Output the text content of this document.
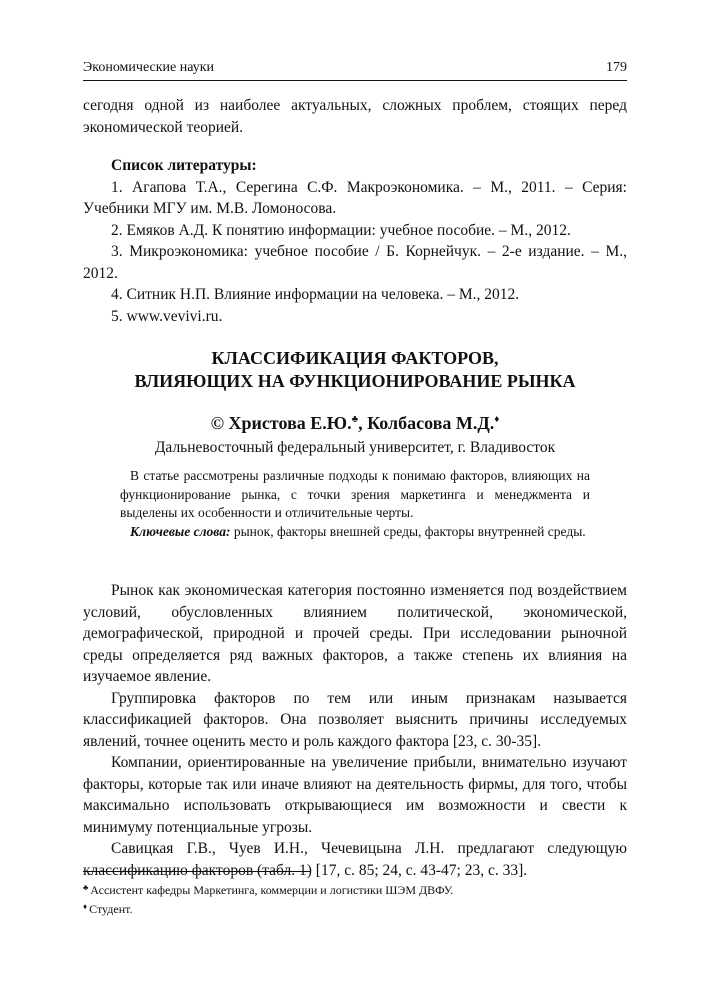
Экономические науки	179

сегодня одной из наиболее актуальных, сложных проблем, стоящих перед экономической теорией.

Список литературы:

1. Агапова Т.А., Серегина С.Ф. Макроэкономика. – М., 2011. – Серия: Учебники МГУ им. М.В. Ломоносова.

2. Емяков А.Д. К понятию информации: учебное пособие. – М., 2012.

3. Микроэкономика: учебное пособие / Б. Корнейчук. – 2-е издание. – М., 2012.

4. Ситник Н.П. Влияние информации на человека. – М., 2012.

5. www.vevivi.ru.

КЛАССИФИКАЦИЯ ФАКТОРОВ,
ВЛИЯЮЩИХ НА ФУНКЦИОНИРОВАНИЕ РЫНКА
© Христова Е.Ю.♣, Колбасова М.Д.♦
Дальневосточный федеральный университет, г. Владивосток

В статье рассмотрены различные подходы к понимаю факторов, влияющих на функционирование рынка, с точки зрения маркетинга и менеджмента и выделены их особенности и отличительные черты.

Ключевые слова: рынок, факторы внешней среды, факторы внутренней среды.

Рынок как экономическая категория постоянно изменяется под воздействием условий, обусловленных влиянием политической, экономической, демографической, природной и прочей среды. При исследовании рыночной среды определяется ряд важных факторов, а также степень их влияния на изучаемое явление.

Группировка факторов по тем или иным признакам называется классификацией факторов. Она позволяет выяснить причины исследуемых явлений, точнее оценить место и роль каждого фактора [23, с. 30-35].

Компании, ориентированные на увеличение прибыли, внимательно изучают факторы, которые так или иначе влияют на деятельность фирмы, для того, чтобы максимально использовать открывающиеся им возможности и свести к минимуму потенциальные угрозы.

Савицкая Г.В., Чуев И.Н., Чечевицына Л.Н. предлагают следующую классификацию факторов (табл. 1) [17, с. 85; 24, с. 43-47; 23, с. 33].

♣ Ассистент кафедры Маркетинга, коммерции и логистики ШЭМ ДВФУ.
♦ Студент.
